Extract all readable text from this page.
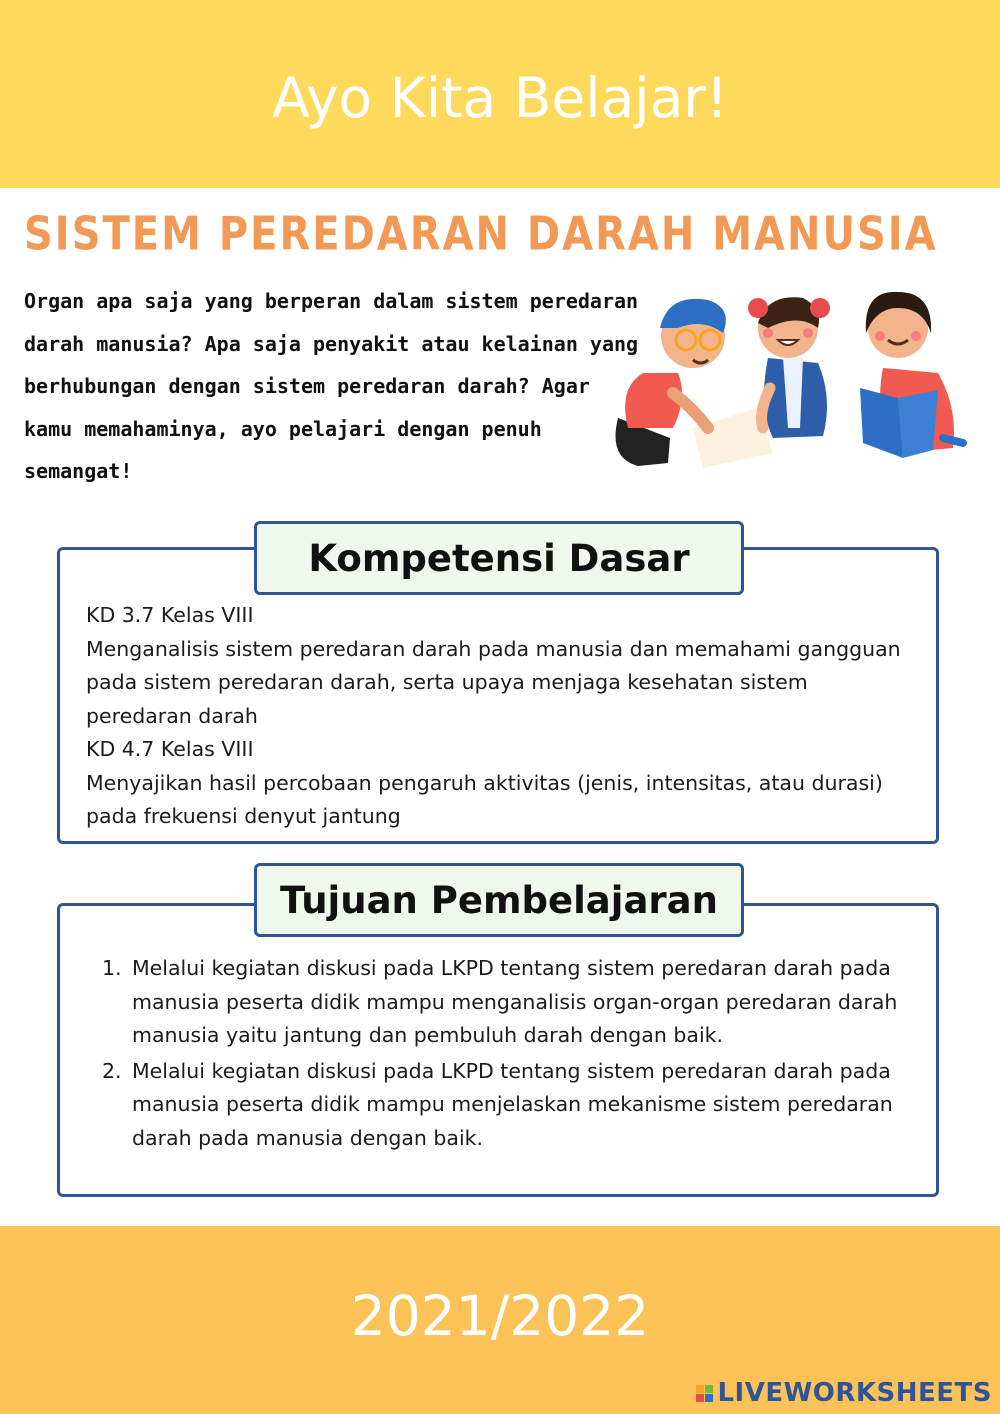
Ayo Kita Belajar!
SISTEM PEREDARAN DARAH MANUSIA
Organ apa saja yang berperan dalam sistem peredaran darah manusia? Apa saja penyakit atau kelainan yang berhubungan dengan sistem peredaran darah? Agar kamu memahaminya, ayo pelajari dengan penuh semangat!
Kompetensi Dasar
KD 3.7 Kelas VIII
Menganalisis sistem peredaran darah pada manusia dan memahami gangguan pada sistem peredaran darah, serta upaya menjaga kesehatan sistem peredaran darah
KD 4.7 Kelas VIII
Menyajikan hasil percobaan pengaruh aktivitas (jenis, intensitas, atau durasi) pada frekuensi denyut jantung
Tujuan Pembelajaran
1. Melalui kegiatan diskusi pada LKPD tentang sistem peredaran darah pada manusia peserta didik mampu menganalisis organ-organ peredaran darah manusia yaitu jantung dan pembuluh darah dengan baik.
2. Melalui kegiatan diskusi pada LKPD tentang sistem peredaran darah pada manusia peserta didik mampu menjelaskan mekanisme sistem peredaran darah pada manusia dengan baik.
2021/2022
LIVEWORKSHEETS
